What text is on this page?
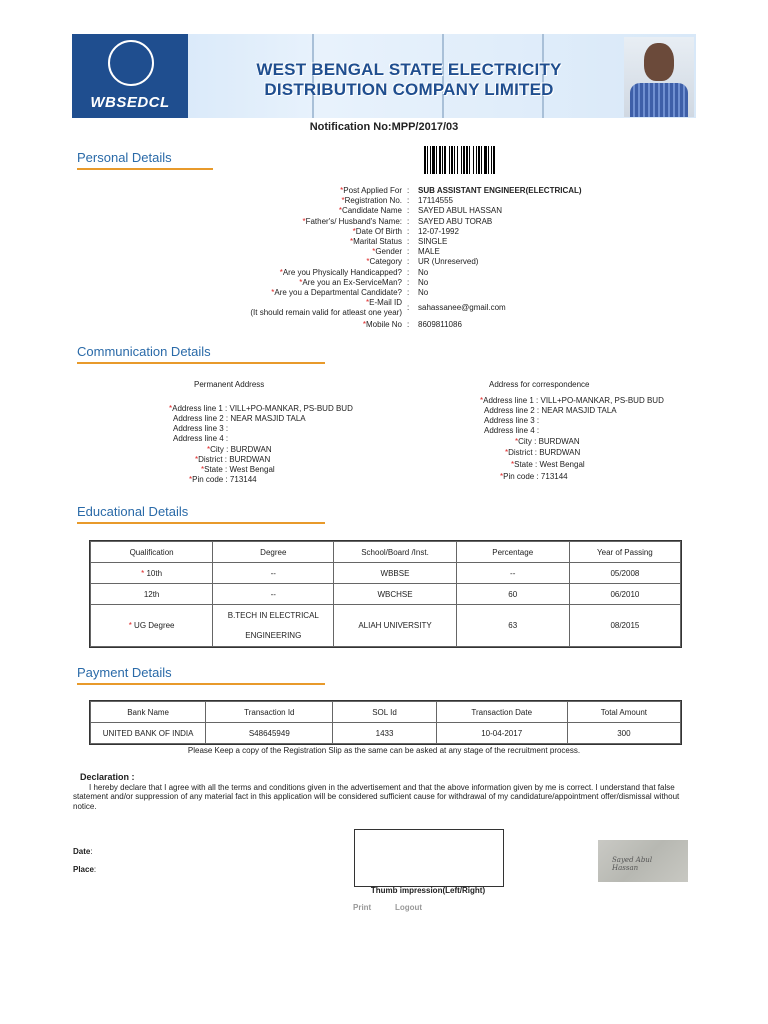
WBSEDCL
WEST BENGAL STATE ELECTRICITY DISTRIBUTION COMPANY LIMITED
Notification No:MPP/2017/03
Personal Details
*Post Applied For : SUB ASSISTANT ENGINEER(ELECTRICAL)
*Registration No. : 17114555
*Candidate Name : SAYED ABUL HASSAN
*Father's/ Husband's Name: : SAYED ABU TORAB
*Date Of Birth : 12-07-1992
*Marital Status : SINGLE
*Gender : MALE
*Category : UR (Unreserved)
*Are you Physically Handicapped? : No
*Are you an Ex-ServiceMan? : No
*Are you a Departmental Candidate? : No
*E-Mail ID
(It should remain valid for atleast one year)
: sahassanee@gmail.com
*Mobile No : 8609811086
Communication Details
Permanent Address	Address for correspondence
*Address line 1 : VILL+PO-MANKAR, PS-BUD BUD
Address line 2 : NEAR MASJID TALA
Address line 3 :
Address line 4 :
*City : BURDWAN
*District : BURDWAN
*State : West Bengal
*Pin code : 713144
*Address line 1 : VILL+PO-MANKAR, PS-BUD BUD
Address line 2 : NEAR MASJID TALA
Address line 3 :
Address line 4 :
*City : BURDWAN
*District : BURDWAN
*State : West Bengal
*Pin code : 713144
Educational Details
Qualification	Degree	School/Board /Inst.	Percentage	Year of Passing
* 10th	--	WBBSE	--	05/2008
12th	--	WBCHSE	60	06/2010
* UG Degree	B.TECH IN ELECTRICAL
ENGINEERING	ALIAH UNIVERSITY	63	08/2015
Payment Details
Bank Name	Transaction Id	SOL Id	Transaction Date	Total Amount
UNITED BANK OF INDIA	S48645949	1433	10-04-2017	300
Please Keep a copy of the Registration Slip as the same can be asked at any stage of the recruitment process.
Declaration :
I hereby declare that I agree with all the terms and conditions given in the advertisement and that the above information given by me is correct. I understand that false statement and/or suppression of any material fact in this application will be considered sufficient cause for withdrawal of my candidature/appointment offer/dismissal without notice.
Date:
Place:
Thumb impression(Left/Right)
Sayed Abul Hassan
Print	Logout
